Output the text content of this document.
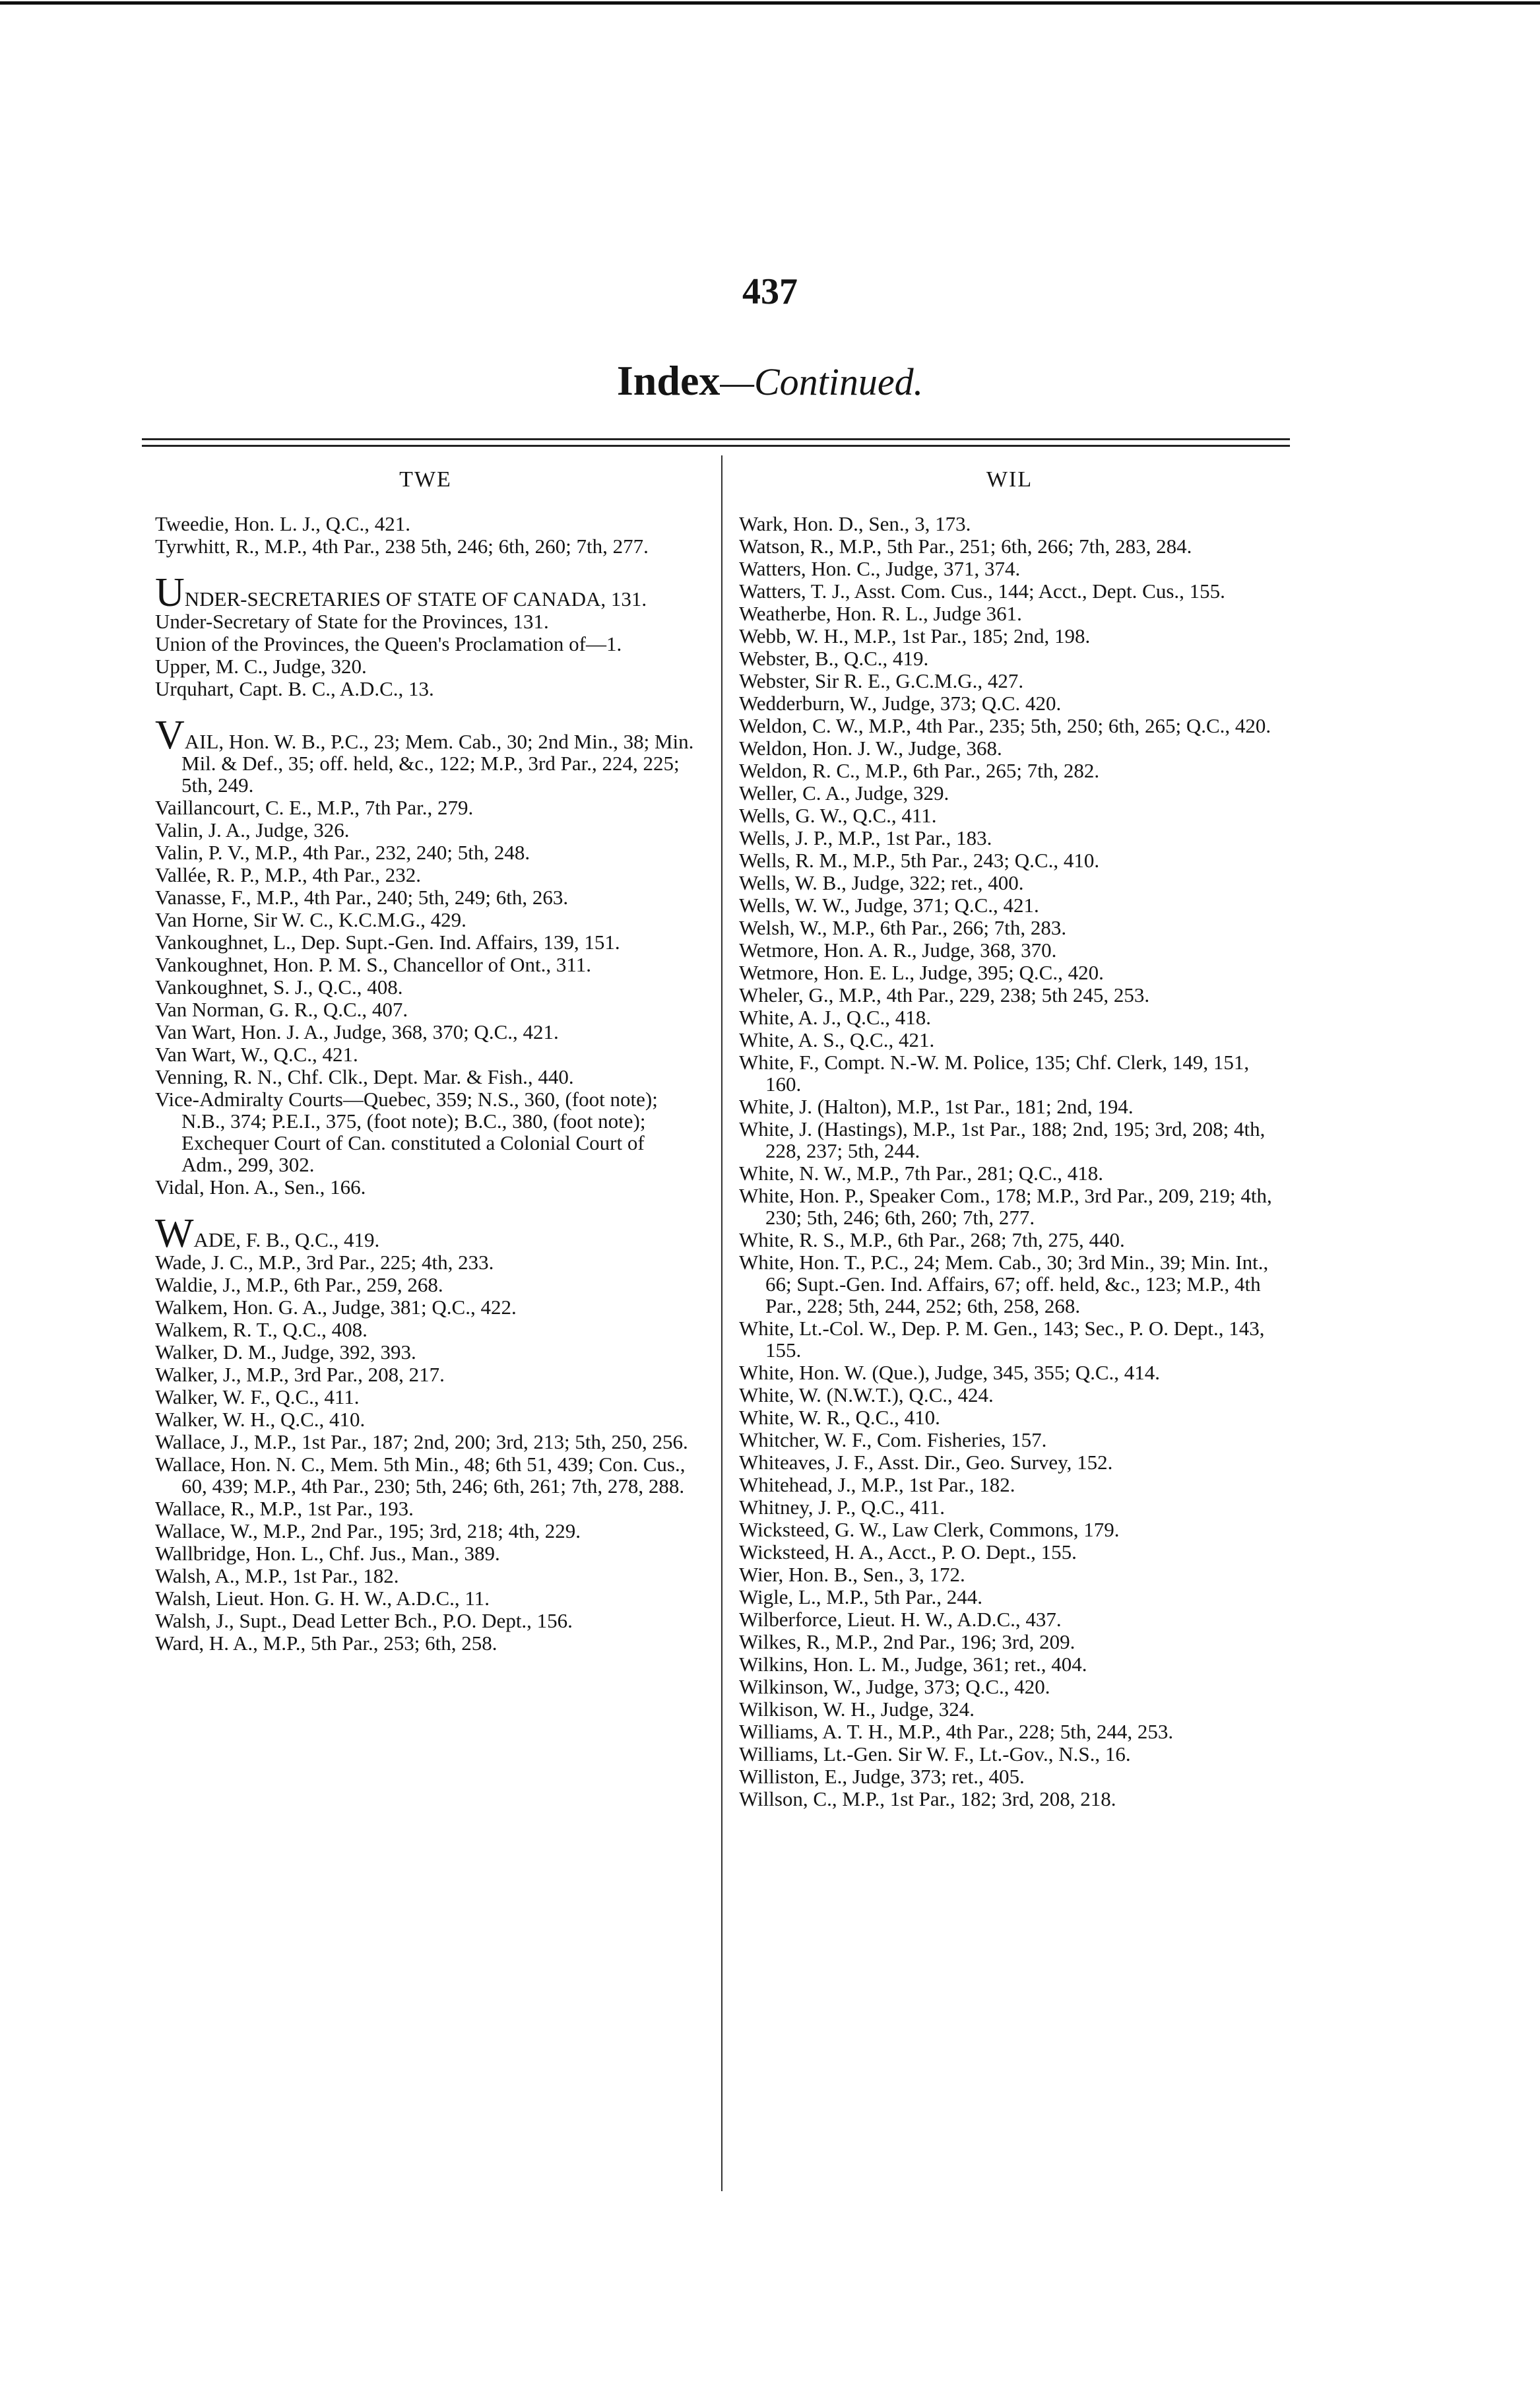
437
Index—Continued.
TWE
Tweedie, Hon. L. J., Q.C., 421.
Tyrwhitt, R., M.P., 4th Par., 238 5th, 246; 6th, 260; 7th, 277.
UNDER-SECRETARIES OF STATE OF CANADA, 131.
Under-Secretary of State for the Provinces, 131.
Union of the Provinces, the Queen's Proclamation of—1.
Upper, M. C., Judge, 320.
Urquhart, Capt. B. C., A.D.C., 13.
VAIL, Hon. W. B., P.C., 23; Mem. Cab., 30; 2nd Min., 38; Min. Mil. & Def., 35; off. held, &c., 122; M.P., 3rd Par., 224, 225; 5th, 249.
Vaillancourt, C. E., M.P., 7th Par., 279.
Valin, J. A., Judge, 326.
Valin, P. V., M.P., 4th Par., 232, 240; 5th, 248.
Vallée, R. P., M.P., 4th Par., 232.
Vanasse, F., M.P., 4th Par., 240; 5th, 249; 6th, 263.
Van Horne, Sir W. C., K.C.M.G., 429.
Vankoughnet, L., Dep. Supt.-Gen. Ind. Affairs, 139, 151.
Vankoughnet, Hon. P. M. S., Chancellor of Ont., 311.
Vankoughnet, S. J., Q.C., 408.
Van Norman, G. R., Q.C., 407.
Van Wart, Hon. J. A., Judge, 368, 370; Q.C., 421.
Van Wart, W., Q.C., 421.
Venning, R. N., Chf. Clk., Dept. Mar. & Fish., 440.
Vice-Admiralty Courts—Quebec, 359; N.S., 360, (foot note); N.B., 374; P.E.I., 375, (foot note); B.C., 380, (foot note); Exchequer Court of Can. constituted a Colonial Court of Adm., 299, 302.
Vidal, Hon. A., Sen., 166.
WADE, F. B., Q.C., 419.
Wade, J. C., M.P., 3rd Par., 225; 4th, 233.
Waldie, J., M.P., 6th Par., 259, 268.
Walkem, Hon. G. A., Judge, 381; Q.C., 422.
Walkem, R. T., Q.C., 408.
Walker, D. M., Judge, 392, 393.
Walker, J., M.P., 3rd Par., 208, 217.
Walker, W. F., Q.C., 411.
Walker, W. H., Q.C., 410.
Wallace, J., M.P., 1st Par., 187; 2nd, 200; 3rd, 213; 5th, 250, 256.
Wallace, Hon. N. C., Mem. 5th Min., 48; 6th 51, 439; Con. Cus., 60, 439; M.P., 4th Par., 230; 5th, 246; 6th, 261; 7th, 278, 288.
Wallace, R., M.P., 1st Par., 193.
Wallace, W., M.P., 2nd Par., 195; 3rd, 218; 4th, 229.
Wallbridge, Hon. L., Chf. Jus., Man., 389.
Walsh, A., M.P., 1st Par., 182.
Walsh, Lieut. Hon. G. H. W., A.D.C., 11.
Walsh, J., Supt., Dead Letter Bch., P.O. Dept., 156.
Ward, H. A., M.P., 5th Par., 253; 6th, 258.
WIL
Wark, Hon. D., Sen., 3, 173.
Watson, R., M.P., 5th Par., 251; 6th, 266; 7th, 283, 284.
Watters, Hon. C., Judge, 371, 374.
Watters, T. J., Asst. Com. Cus., 144; Acct., Dept. Cus., 155.
Weatherbe, Hon. R. L., Judge 361.
Webb, W. H., M.P., 1st Par., 185; 2nd, 198.
Webster, B., Q.C., 419.
Webster, Sir R. E., G.C.M.G., 427.
Wedderburn, W., Judge, 373; Q.C. 420.
Weldon, C. W., M.P., 4th Par., 235; 5th, 250; 6th, 265; Q.C., 420.
Weldon, Hon. J. W., Judge, 368.
Weldon, R. C., M.P., 6th Par., 265; 7th, 282.
Weller, C. A., Judge, 329.
Wells, G. W., Q.C., 411.
Wells, J. P., M.P., 1st Par., 183.
Wells, R. M., M.P., 5th Par., 243; Q.C., 410.
Wells, W. B., Judge, 322; ret., 400.
Wells, W. W., Judge, 371; Q.C., 421.
Welsh, W., M.P., 6th Par., 266; 7th, 283.
Wetmore, Hon. A. R., Judge, 368, 370.
Wetmore, Hon. E. L., Judge, 395; Q.C., 420.
Wheler, G., M.P., 4th Par., 229, 238; 5th 245, 253.
White, A. J., Q.C., 418.
White, A. S., Q.C., 421.
White, F., Compt. N.-W. M. Police, 135; Chf. Clerk, 149, 151, 160.
White, J. (Halton), M.P., 1st Par., 181; 2nd, 194.
White, J. (Hastings), M.P., 1st Par., 188; 2nd, 195; 3rd, 208; 4th, 228, 237; 5th, 244.
White, N. W., M.P., 7th Par., 281; Q.C., 418.
White, Hon. P., Speaker Com., 178; M.P., 3rd Par., 209, 219; 4th, 230; 5th, 246; 6th, 260; 7th, 277.
White, R. S., M.P., 6th Par., 268; 7th, 275, 440.
White, Hon. T., P.C., 24; Mem. Cab., 30; 3rd Min., 39; Min. Int., 66; Supt.-Gen. Ind. Affairs, 67; off. held, &c., 123; M.P., 4th Par., 228; 5th, 244, 252; 6th, 258, 268.
White, Lt.-Col. W., Dep. P. M. Gen., 143; Sec., P. O. Dept., 143, 155.
White, Hon. W. (Que.), Judge, 345, 355; Q.C., 414.
White, W. (N.W.T.), Q.C., 424.
White, W. R., Q.C., 410.
Whitcher, W. F., Com. Fisheries, 157.
Whiteaves, J. F., Asst. Dir., Geo. Survey, 152.
Whitehead, J., M.P., 1st Par., 182.
Whitney, J. P., Q.C., 411.
Wicksteed, G. W., Law Clerk, Commons, 179.
Wicksteed, H. A., Acct., P. O. Dept., 155.
Wier, Hon. B., Sen., 3, 172.
Wigle, L., M.P., 5th Par., 244.
Wilberforce, Lieut. H. W., A.D.C., 437.
Wilkes, R., M.P., 2nd Par., 196; 3rd, 209.
Wilkins, Hon. L. M., Judge, 361; ret., 404.
Wilkinson, W., Judge, 373; Q.C., 420.
Wilkison, W. H., Judge, 324.
Williams, A. T. H., M.P., 4th Par., 228; 5th, 244, 253.
Williams, Lt.-Gen. Sir W. F., Lt.-Gov., N.S., 16.
Williston, E., Judge, 373; ret., 405.
Willson, C., M.P., 1st Par., 182; 3rd, 208, 218.
